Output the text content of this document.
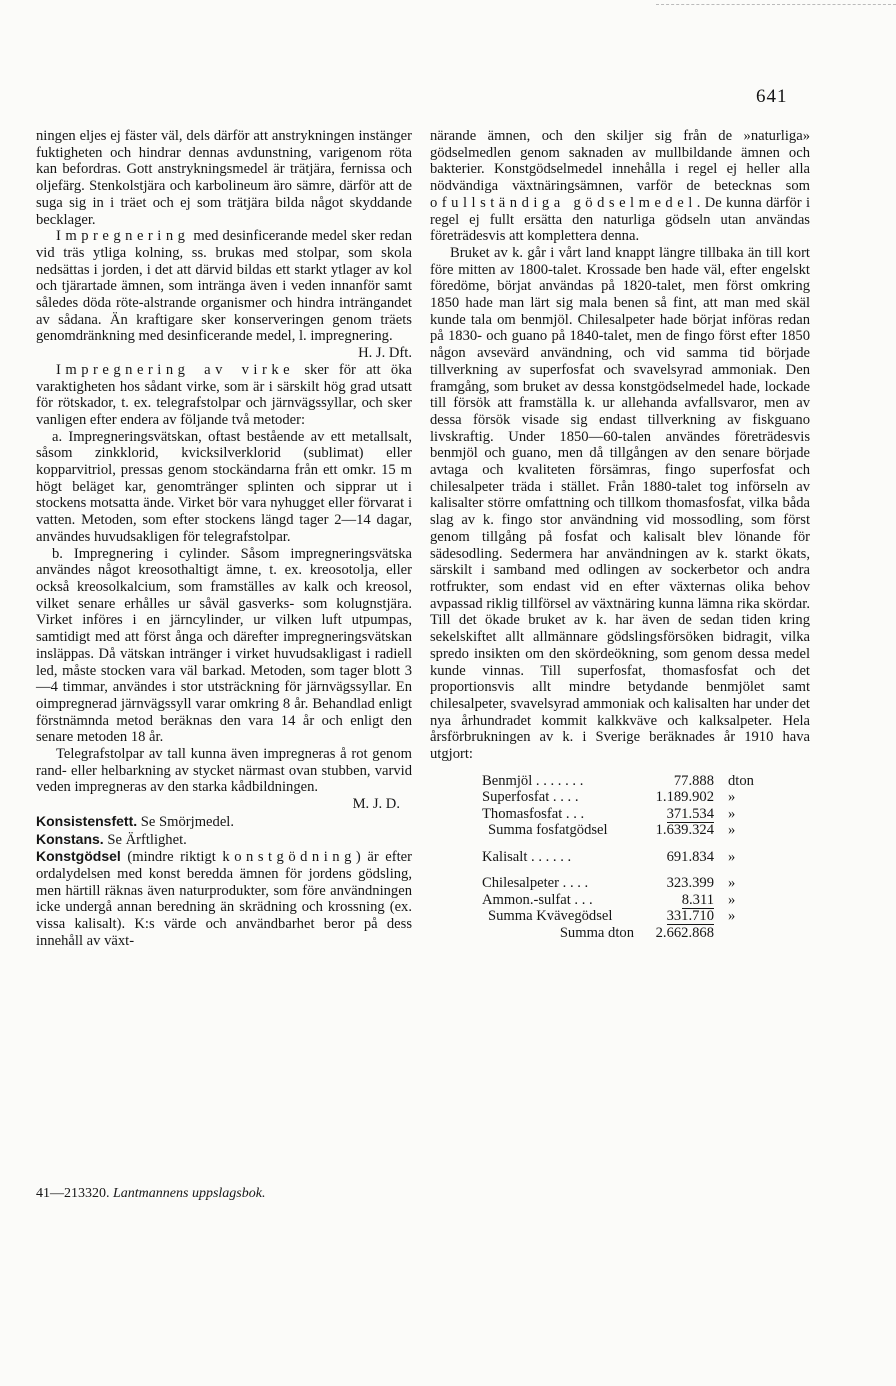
641

ningen eljes ej fäster väl, dels därför att anstrykningen instänger fuktigheten och hindrar dennas avdunstning, varigenom röta kan befordras. Gott anstrykningsmedel är trätjära, fernissa och oljefärg. Stenkolstjära och karbolineum äro sämre, därför att de suga sig in i träet och ej som trätjära bilda något skyddande becklager.

Impregnering med desinficerande medel sker redan vid träs ytliga kolning, ss. brukas med stolpar, som skola nedsättas i jorden, i det att därvid bildas ett starkt ytlager av kol och tjärartade ämnen, som intränga även i veden innanför samt således döda röte-alstrande organismer och hindra inträngandet av sådana. Än kraftigare sker konserveringen genom träets genomdränkning med desinficerande medel, l. impregnering.
H. J. Dft.

Impregnering av virke sker för att öka varaktigheten hos sådant virke, som är i särskilt hög grad utsatt för rötskador, t. ex. telegrafstolpar och järnvägssyllar, och sker vanligen efter endera av följande två metoder:

a. Impregneringsvätskan, oftast bestående av ett metallsalt, såsom zinkklorid, kvicksilverklorid (sublimat) eller kopparvitriol, pressas genom stockändarna från ett omkr. 15 m högt beläget kar, genomtränger splinten och sipprar ut i stockens motsatta ände. Virket bör vara nyhugget eller förvarat i vatten. Metoden, som efter stockens längd tager 2—14 dagar, användes huvudsakligen för telegrafstolpar.

b. Impregnering i cylinder. Såsom impregneringsvätska användes något kreosothaltigt ämne, t. ex. kreosotolja, eller också kreosolkalcium, som framställes av kalk och kreosol, vilket senare erhålles ur såväl gasverks- som kolugnstjära. Virket införes i en järncylinder, ur vilken luft utpumpas, samtidigt med att först ånga och därefter impregneringsvätskan insläppas. Då vätskan intränger i virket huvudsakligast i radiell led, måste stocken vara väl barkad. Metoden, som tager blott 3—4 timmar, användes i stor utsträckning för järnvägssyllar. En oimpregnerad järnvägssyll varar omkring 8 år. Behandlad enligt förstnämnda metod beräknas den vara 14 år och enligt den senare metoden 18 år.

Telegrafstolpar av tall kunna även impregneras å rot genom rand- eller helbarkning av stycket närmast ovan stubben, varvid veden impregneras av den starka kådbildningen.

M. J. D.

Konsistensfett. Se Smörjmedel.

Konstans. Se Ärftlighet.

Konstgödsel (mindre riktigt konstgödning) är efter ordalydelsen med konst beredda ämnen för jordens gödsling, men härtill räknas även naturprodukter, som före användningen icke undergå annan beredning än skrädning och krossning (ex. vissa kalisalt). K:s värde och användbarhet beror på dess innehåll av växt-

närande ämnen, och den skiljer sig från de »naturliga» gödselmedlen genom saknaden av mullbildande ämnen och bakterier. Konstgödselmedel innehålla i regel ej heller alla nödvändiga växtnäringsämnen, varför de betecknas som ofullständiga gödselmedel. De kunna därför i regel ej fullt ersätta den naturliga gödseln utan användas företrädesvis att komplettera denna.

Bruket av k. går i vårt land knappt längre tillbaka än till kort före mitten av 1800-talet. Krossade ben hade väl, efter engelskt föredöme, börjat användas på 1820-talet, men först omkring 1850 hade man lärt sig mala benen så fint, att man med skäl kunde tala om benmjöl. Chilesalpeter hade börjat införas redan på 1830- och guano på 1840-talet, men de fingo först efter 1850 någon avsevärd användning, och vid samma tid började tillverkning av superfosfat och svavelsyrad ammoniak. Den framgång, som bruket av dessa konstgödselmedel hade, lockade till försök att framställa k. ur allehanda avfallsvaror, men av dessa försök visade sig endast tillverkning av fiskguano livskraftig. Under 1850—60-talen användes företrädesvis benmjöl och guano, men då tillgången av den senare började avtaga och kvaliteten försämras, fingo superfosfat och chilesalpeter träda i stället. Från 1880-talet tog införseln av kalisalter större omfattning och tillkom thomasfosfat, vilka båda slag av k. fingo stor användning vid mossodling, som först genom tillgång på fosfat och kalisalt blev lönande för sädesodling. Sedermera har användningen av k. starkt ökats, särskilt i samband med odlingen av sockerbetor och andra rotfrukter, som endast vid en efter växternas olika behov avpassad riklig tillförsel av växtnäring kunna lämna rika skördar. Till det ökade bruket av k. har även de sedan tiden kring sekelskiftet allt allmännare gödslingsförsöken bidragit, vilka spredo insikten om den skördeökning, som genom dessa medel kunde vinnas. Till superfosfat, thomasfosfat och det proportionsvis allt mindre betydande benmjölet samt chilesalpeter, svavelsyrad ammoniak och kalisalten har under det nya århundradet kommit kalkkväve och kalksalpeter. Hela årsförbrukningen av k. i Sverige beräknades år 1910 hava utgjort:

Benmjöl . . . . . . .	77.888	dton
Superfosfat . . . .	1.189.902	»
Thomasfosfat . . .	371.534	»
Summa fosfatgödsel	1.639.324	»

Kalisalt . . . . . .	691.834	»

Chilesalpeter . . . .	323.399	»
Ammon.-sulfat . . .	8.311	»
Summa Kvävegödsel	331.710	»
Summa dton	2.662.868	
41—213320. Lantmannens uppslagsbok.
